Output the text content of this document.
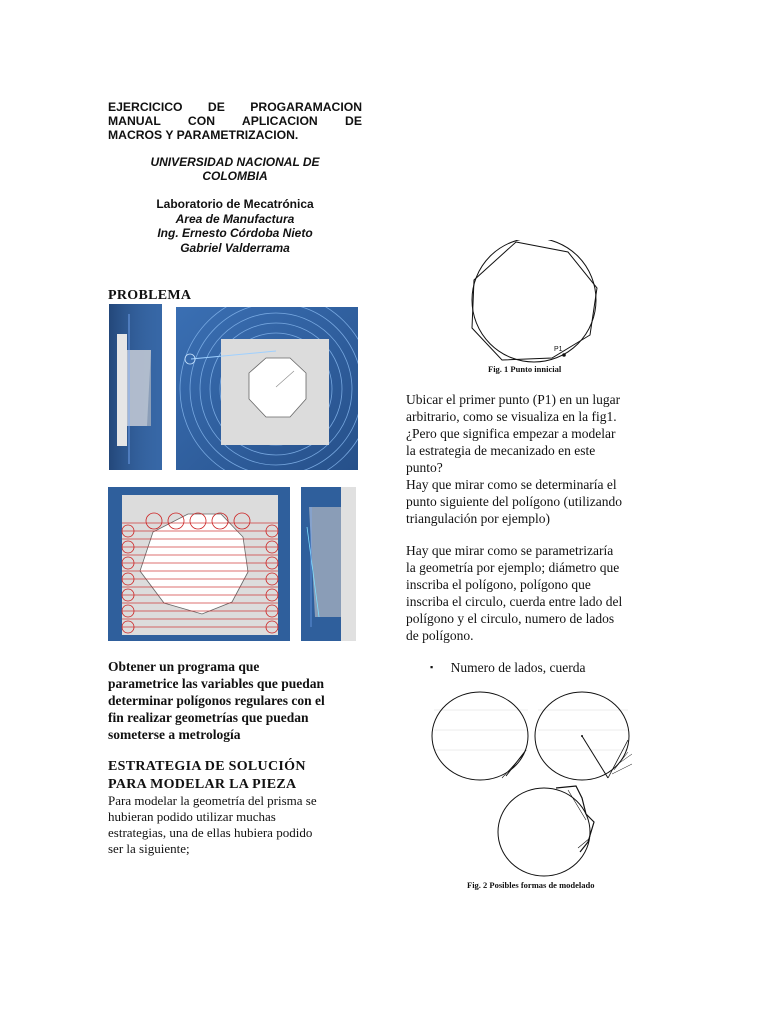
EJERCICICO DE PROGARAMACION
MANUAL CON APLICACION DE
MACROS Y PARAMETRIZACION.
UNIVERSIDAD NACIONAL DE
COLOMBIA
Laboratorio de Mecatrónica
Area de Manufactura
Ing. Ernesto Córdoba Nieto
Gabriel Valderrama
PROBLEMA
Obtener un programa que
parametrice las variables que puedan
determinar polígonos regulares con el
fin realizar geometrías que puedan
someterse a metrología
ESTRATEGIA DE SOLUCIÓN
PARA MODELAR LA PIEZA
Para modelar la geometría del prisma se
hubieran podido utilizar muchas
estrategias, una de ellas hubiera podido
ser la siguiente;
P1
Fig. 1 Punto innicial
Ubicar el primer punto (P1) en un lugar
arbitrario, como se visualiza en la fig1.
¿Pero que significa empezar a modelar
la estrategia de mecanizado en este
punto?
Hay que mirar como se determinaría el
punto siguiente del polígono (utilizando
triangulación por ejemplo)
Hay que mirar como se parametrizaría
la geometría por ejemplo; diámetro que
inscriba el polígono, polígono que
inscriba el circulo, cuerda entre lado del
polígono y el circulo, numero de lados
de polígono.
▪ Numero de lados, cuerda
Fig. 2 Posibles formas de modelado
